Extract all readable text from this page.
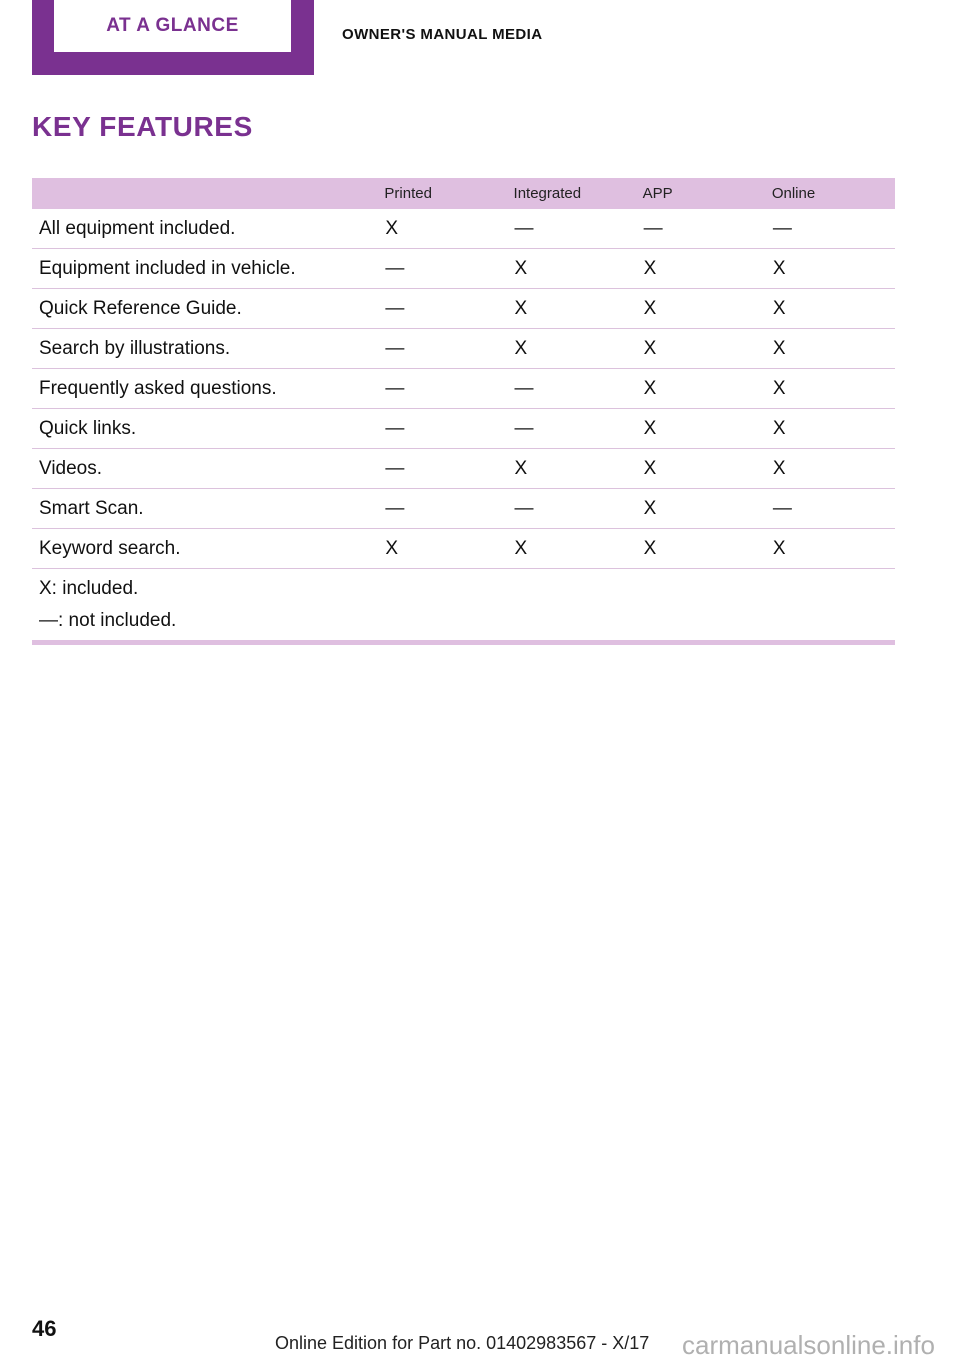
AT A GLANCE	OWNER'S MANUAL MEDIA
KEY FEATURES
	Printed	Integrated	APP	Online
All equipment included.	X	—	—	—
Equipment included in vehicle.	—	X	X	X
Quick Reference Guide.	—	X	X	X
Search by illustrations.	—	X	X	X
Frequently asked questions.	—	—	X	X
Quick links.	—	—	X	X
Videos.	—	X	X	X
Smart Scan.	—	—	X	—
Keyword search.	X	X	X	X
X: included.
—: not included.
46
Online Edition for Part no. 01402983567 - X/17 carmanualsonline.info
